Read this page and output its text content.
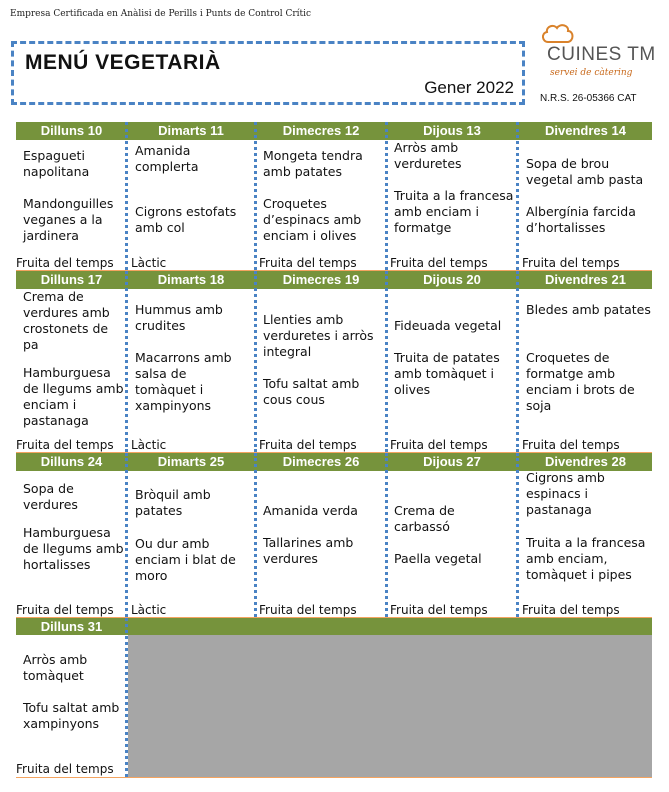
Empresa Certificada en Anàlisi de Perills i Punts de Control Crític
MENÚ VEGETARIÀ
Gener 2022
CUINES TM
servei de càtering
N.R.S. 26-05366 CAT
Dilluns 10
Espagueti napolitana
Mandonguilles veganes a la jardinera
Fruita del temps
Dimarts 11
Amanida complerta
Cigrons estofats amb col
Làctic
Dimecres 12
Mongeta tendra amb patates
Croquetes d’espinacs amb enciam i olives
Fruita del temps
Dijous 13
Arròs amb verduretes
Truita a la francesa amb enciam i formatge
Fruita del temps
Divendres 14
Sopa de brou vegetal amb pasta
Albergínia farcida d’hortalisses
Fruita del temps
Dilluns 17
Crema de verdures amb crostonets de pa
Hamburguesa de llegums amb enciam i pastanaga
Fruita del temps
Dimarts 18
Hummus amb crudites
Macarrons amb salsa de tomàquet i xampinyons
Làctic
Dimecres 19
Llenties amb verduretes i arròs integral
Tofu saltat amb cous cous
Fruita del temps
Dijous 20
Fideuada vegetal
Truita de patates amb tomàquet i olives
Fruita del temps
Divendres 21
Bledes amb patates
Croquetes de formatge amb enciam i brots de soja
Fruita del temps
Dilluns 24
Sopa de verdures
Hamburguesa de llegums amb hortalisses
Fruita del temps
Dimarts 25
Bròquil amb patates
Ou dur amb enciam i blat de moro
Làctic
Dimecres 26
Amanida verda
Tallarines amb verdures
Fruita del temps
Dijous 27
Crema de carbassó
Paella vegetal
Fruita del temps
Divendres 28
Cigrons amb espinacs i pastanaga
Truita a la francesa amb enciam, tomàquet i pipes
Fruita del temps
Dilluns 31
Arròs amb tomàquet
Tofu saltat amb xampinyons
Fruita del temps
